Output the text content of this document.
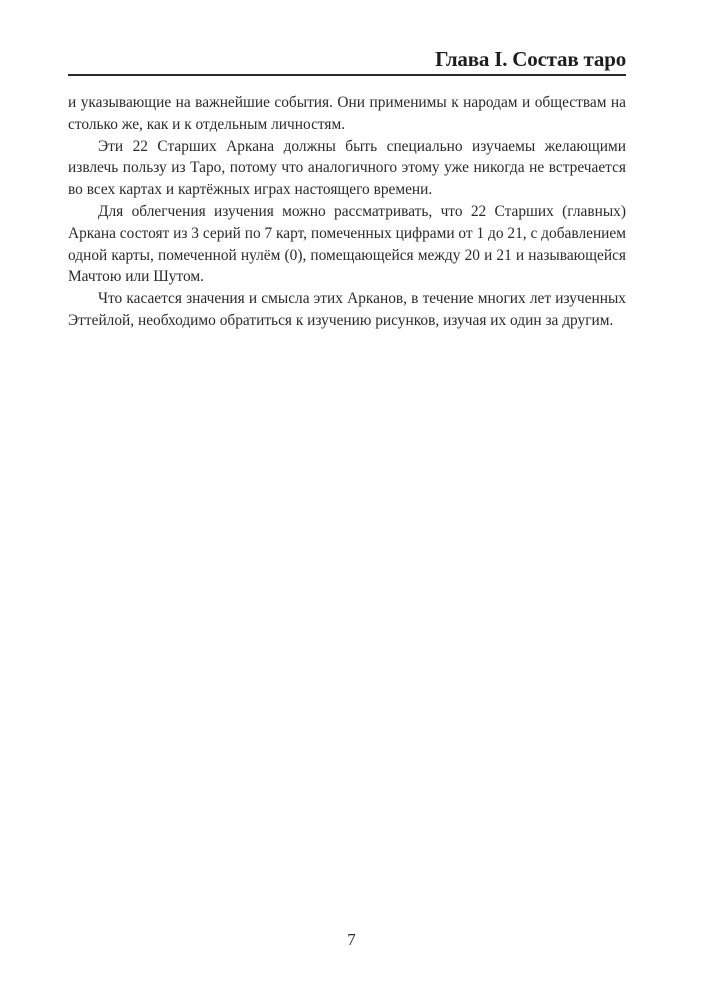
Глава I. Состав таро

и указывающие на важнейшие события. Они применимы к народам и обществам на столько же, как и к отдельным личностям.

Эти 22 Старших Аркана должны быть специально изучаемы желающими извлечь пользу из Таро, потому что аналогичного этому уже никогда не встречается во всех картах и картёжных играх настоящего времени.

Для облегчения изучения можно рассматривать, что 22 Старших (главных) Аркана состоят из 3 серий по 7 карт, помеченных цифрами от 1 до 21, с добавлением одной карты, помеченной нулём (0), помещающейся между 20 и 21 и называющейся Мачтою или Шутом.

Что касается значения и смысла этих Арканов, в течение многих лет изученных Эттейлой, необходимо обратиться к изучению рисунков, изучая их один за другим.

7
